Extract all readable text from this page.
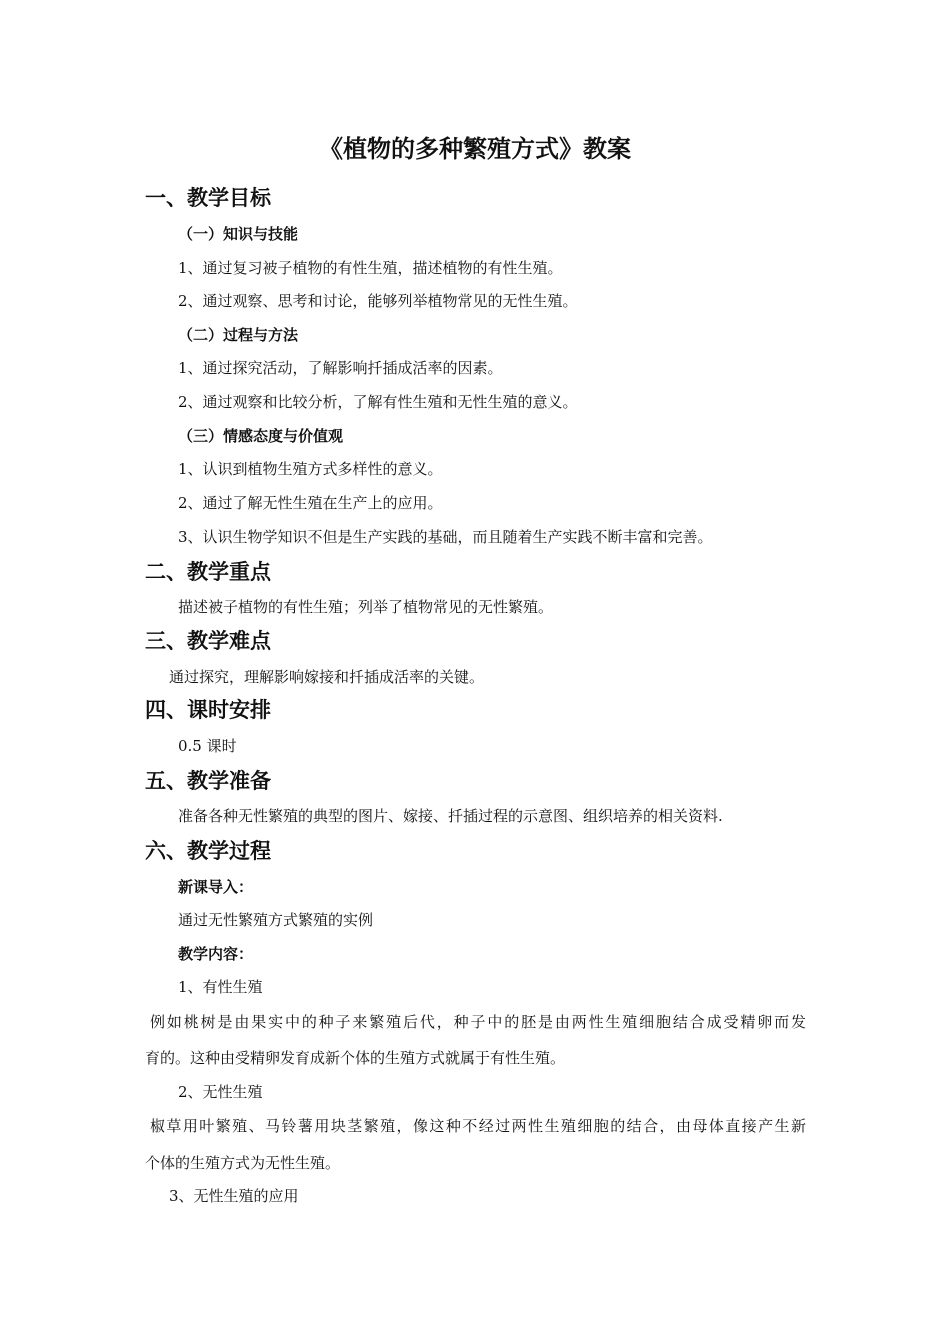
《植物的多种繁殖方式》教案
一、教学目标
（一）知识与技能
1、通过复习被子植物的有性生殖，描述植物的有性生殖。
2、通过观察、思考和讨论，能够列举植物常见的无性生殖。
（二）过程与方法
1、通过探究活动，了解影响扦插成活率的因素。
2、通过观察和比较分析，了解有性生殖和无性生殖的意义。
（三）情感态度与价值观
1、认识到植物生殖方式多样性的意义。
2、通过了解无性生殖在生产上的应用。
3、认识生物学知识不但是生产实践的基础，而且随着生产实践不断丰富和完善。
二、教学重点
描述被子植物的有性生殖；列举了植物常见的无性繁殖。
三、教学难点
通过探究，理解影响嫁接和扦插成活率的关键。
四、课时安排
0.5 课时
五、教学准备
准备各种无性繁殖的典型的图片、嫁接、扦插过程的示意图、组织培养的相关资料.
六、教学过程
新课导入：
通过无性繁殖方式繁殖的实例
教学内容：
1、有性生殖
例如桃树是由果实中的种子来繁殖后代，种子中的胚是由两性生殖细胞结合成受精卵而发
育的。这种由受精卵发育成新个体的生殖方式就属于有性生殖。
2、无性生殖
椒草用叶繁殖、马铃薯用块茎繁殖，像这种不经过两性生殖细胞的结合，由母体直接产生新
个体的生殖方式为无性生殖。
3、无性生殖的应用
